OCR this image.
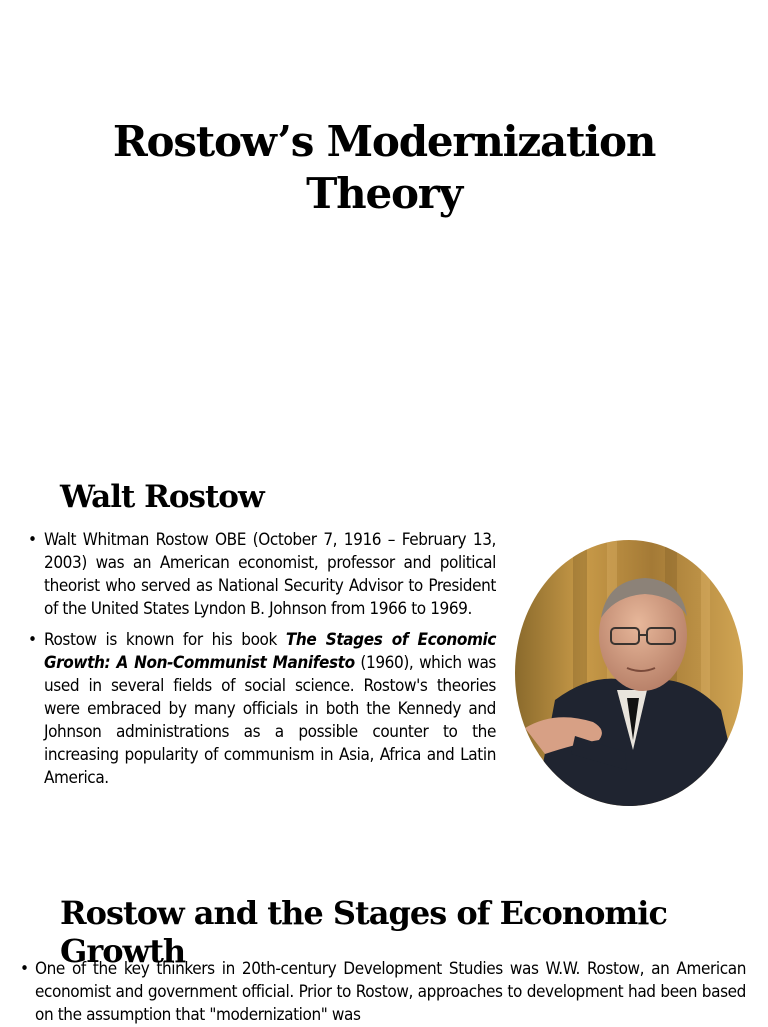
Rostow’s Modernization
Theory
Walt Rostow
• Walt Whitman Rostow OBE (October 7, 1916 – February 13, 2003) was an American economist, professor and political theorist who served as National Security Advisor to President of the United States Lyndon B. Johnson from 1966 to 1969.
• Rostow is known for his book The Stages of Economic Growth: A Non-Communist Manifesto (1960), which was used in several fields of social science. Rostow's theories were embraced by many officials in both the Kennedy and Johnson administrations as a possible counter to the increasing popularity of communism in Asia, Africa and Latin America.
Rostow and the Stages of Economic Growth
• One of the key thinkers in 20th-century Development Studies was W.W. Rostow, an American economist and government official. Prior to Rostow, approaches to development had been based on the assumption that "modernization" was
